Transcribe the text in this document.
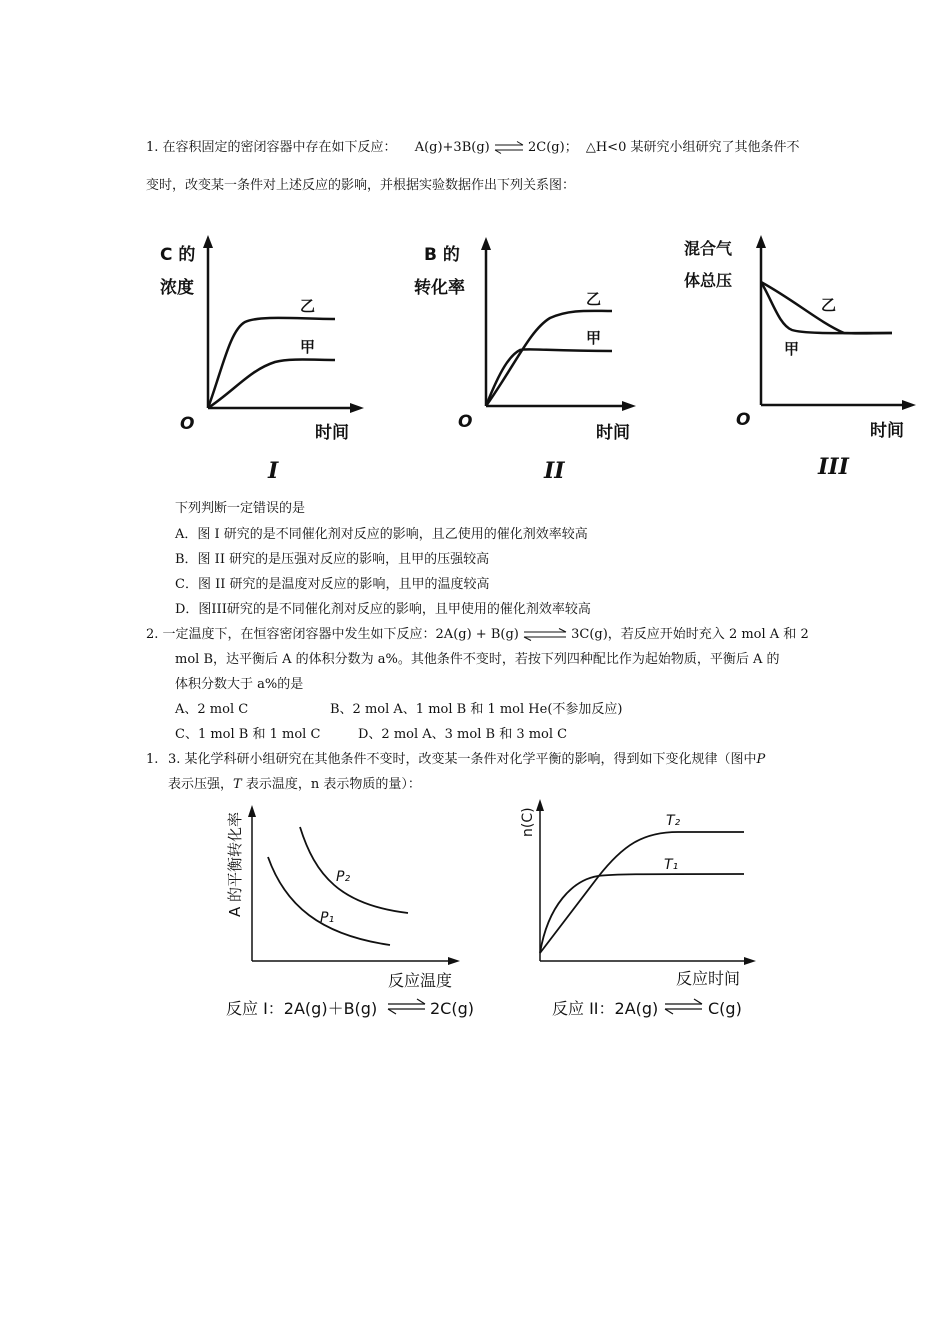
1. 在容积固定的密闭容器中存在如下反应： A(g)+3B(g) ⇌ 2C(g)； △H<0 某研究小组研究了其他条件不
变时，改变某一条件对上述反应的影响，并根据实验数据作出下列关系图：
C 的
浓度
乙
甲
O	时间
I
B 的
转化率
乙
甲
O
时间
II
混合气
体总压
乙
甲
O
时间
III
下列判断一定错误的是
A．图 I 研究的是不同催化剂对反应的影响，且乙使用的催化剂效率较高
B．图 II 研究的是压强对反应的影响，且甲的压强较高
C．图 II 研究的是温度对反应的影响，且甲的温度较高
D．图III研究的是不同催化剂对反应的影响，且甲使用的催化剂效率较高
2. 一定温度下，在恒容密闭容器中发生如下反应：2A(g) + B(g) ⇌ 3C(g)，若反应开始时充入 2 mol A 和 2
mol B，达平衡后 A 的体积分数为 a%。其他条件不变时，若按下列四种配比作为起始物质，平衡后 A 的
体积分数大于 a%的是
A、2 mol C	B、2 mol A、1 mol B 和 1 mol He(不参加反应)
C、1 mol B 和 1 mol C	D、2 mol A、3 mol B 和 3 mol C
1. 3. 某化学科研小组研究在其他条件不变时，改变某一条件对化学平衡的影响，得到如下变化规律（图中P
表示压强，T 表示温度，n 表示物质的量）：
A 的平衡转化率	P₂
P₁
反应温度
反应 I：2A(g)＋B(g)	2C(g)
n(C)	T₂
T₁
反应时间
反应 II：2A(g)	C(g)
